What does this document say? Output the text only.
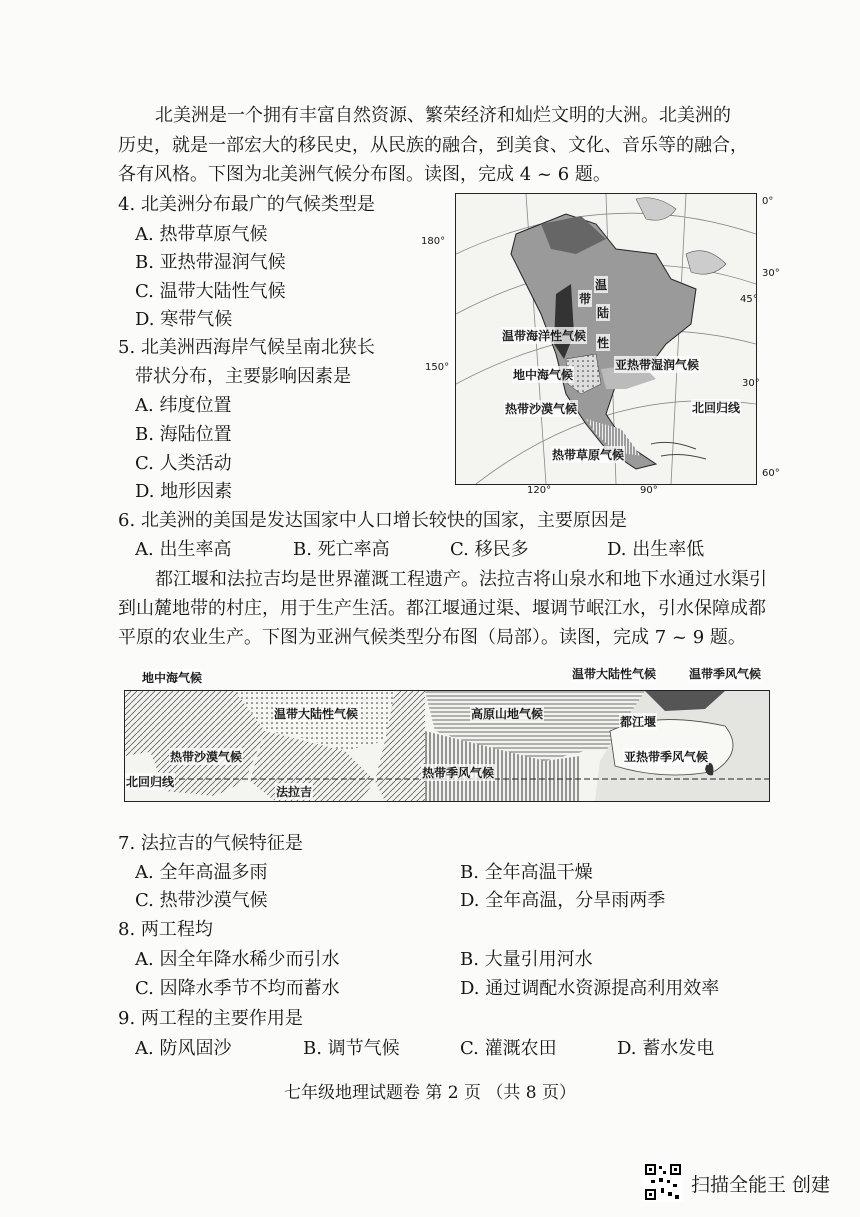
北美洲是一个拥有丰富自然资源、繁荣经济和灿烂文明的大洲。北美洲的
历史，就是一部宏大的移民史，从民族的融合，到美食、文化、音乐等的融合，
各有风格。下图为北美洲气候分布图。读图，完成 4 ~ 6 题。
4. 北美洲分布最广的气候类型是
A. 热带草原气候
B. 亚热带湿润气候
C. 温带大陆性气候
D. 寒带气候
5. 北美洲西海岸气候呈南北狭长
带状分布，主要影响因素是
A. 纬度位置
B. 海陆位置
C. 人类活动
D. 地形因素
温带海洋性气候
地中海气候
亚热带湿润气候
热带沙漠气候	北回归线
热带草原气候
温
陆
带
性
0°
180°
30°
45°
150°
30°
120°	90°
60°
6. 北美洲的美国是发达国家中人口增长较快的国家，主要原因是
A. 出生率高	B. 死亡率高	C. 移民多	D. 出生率低
都江堰和法拉吉均是世界灌溉工程遗产。法拉吉将山泉水和地下水通过水渠引
到山麓地带的村庄，用于生产生活。都江堰通过渠、堰调节岷江水，引水保障成都
平原的农业生产。下图为亚洲气候类型分布图（局部）。读图，完成 7 ~ 9 题。
温带大陆性气候	高原山地气候
都江堰
亚热带季风气候
热带沙漠气候
热带季风气候
北回归线
法拉吉
地中海气候	温带大陆性气候	温带季风气候
7. 法拉吉的气候特征是
A. 全年高温多雨	B. 全年高温干燥
C. 热带沙漠气候	D. 全年高温，分旱雨两季
8. 两工程均
A. 因全年降水稀少而引水	B. 大量引用河水
C. 因降水季节不均而蓄水	D. 通过调配水资源提高利用效率
9. 两工程的主要作用是
A. 防风固沙	B. 调节气候	C. 灌溉农田	D. 蓄水发电
七年级地理试题卷 第 2 页 （共 8 页）
扫描全能王 创建
